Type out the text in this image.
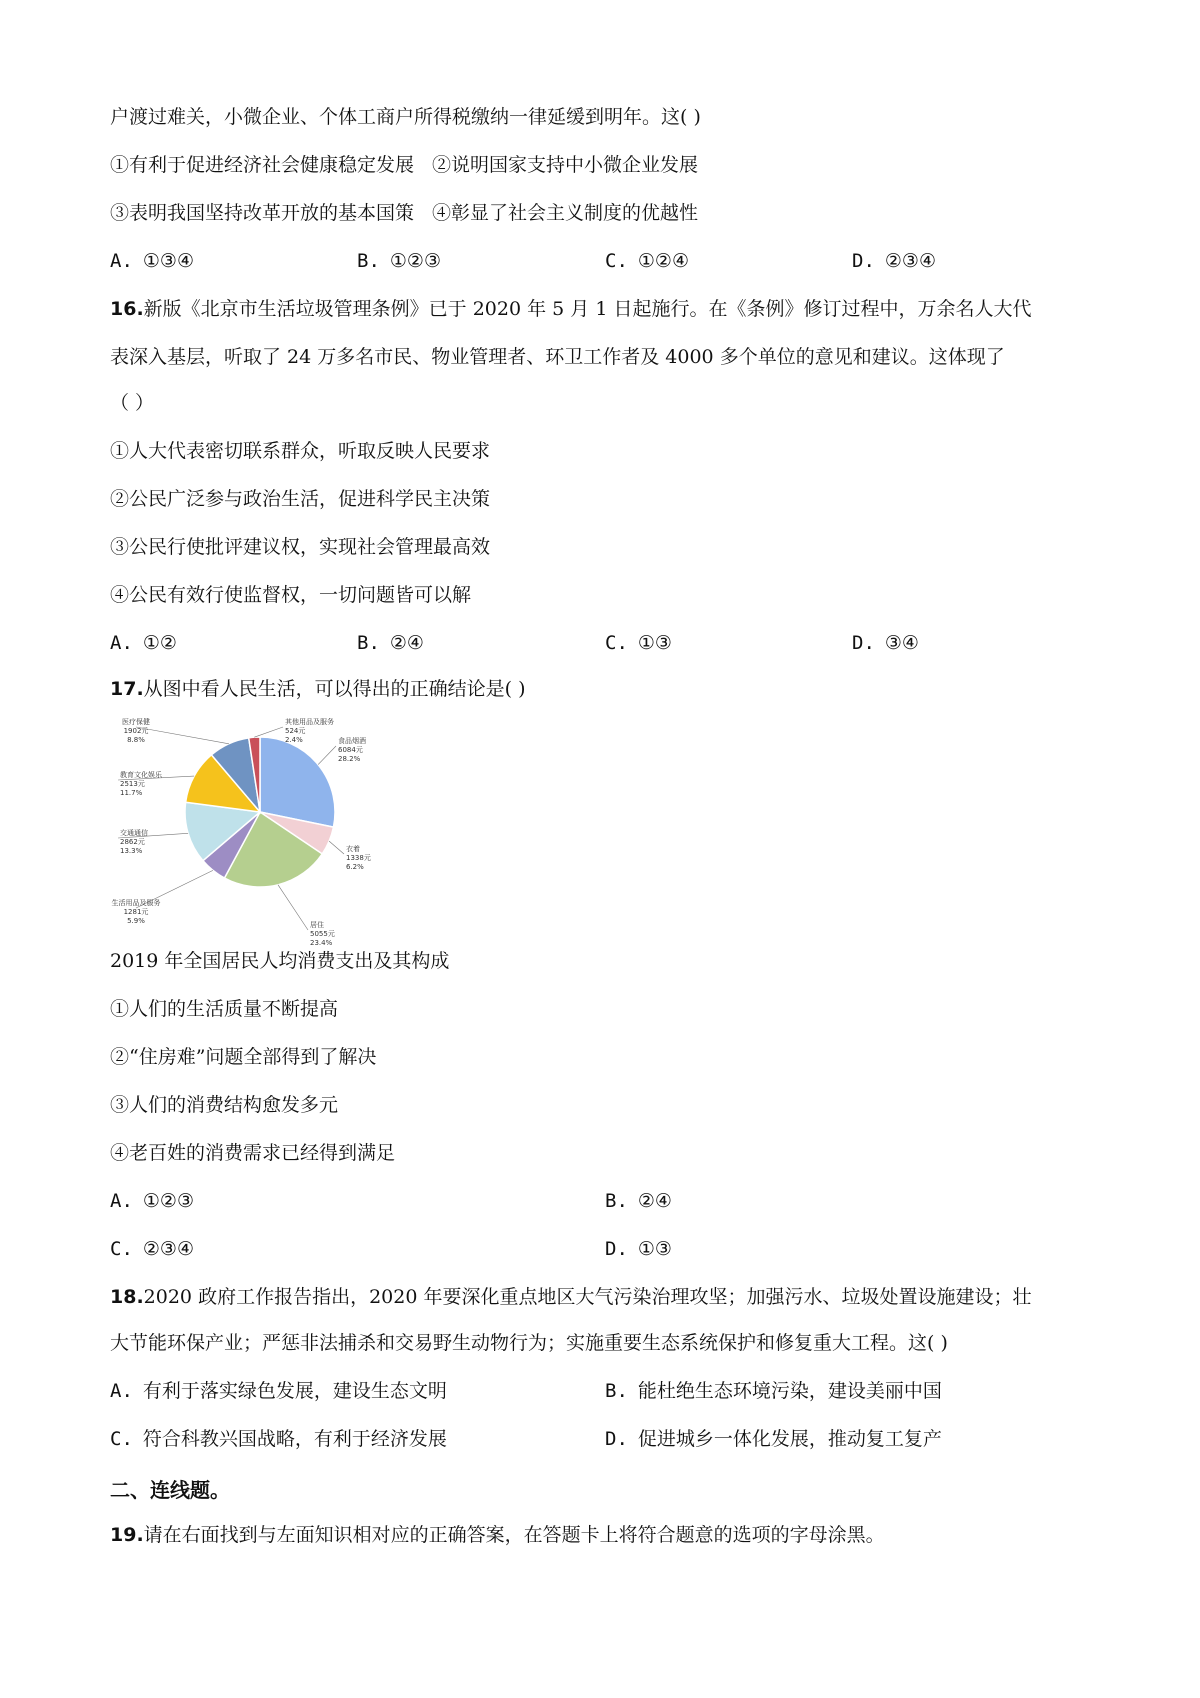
户渡过难关，小微企业、个体工商户所得税缴纳一律延缓到明年。这( )
①有利于促进经济社会健康稳定发展 ②说明国家支持中小微企业发展
③表明我国坚持改革开放的基本国策 ④彰显了社会主义制度的优越性
A. ①③④	B. ①②③	C. ①②④	D. ②③④
16.新版《北京市生活垃圾管理条例》已于 2020 年 5 月 1 日起施行。在《条例》修订过程中，万余名人大代
表深入基层，听取了 24 万多名市民、物业管理者、环卫工作者及 4000 多个单位的意见和建议。这体现了
（ ）
①人大代表密切联系群众，听取反映人民要求
②公民广泛参与政治生活，促进科学民主决策
③公民行使批评建议权，实现社会管理最高效
④公民有效行使监督权，一切问题皆可以解
A. ①②	B. ②④	C. ①③	D. ③④
17.从图中看人民生活，可以得出的正确结论是( )
食品烟酒 6084元 28.2%
衣着 1338元 6.2%
居住 5055元 23.4%
生活用品及服务 1281元 5.9%
交通通信 2862元 13.3%
教育文化娱乐 2513元 11.7%
医疗保健 1902元 8.8%
其他用品及服务 524元 2.4%
2019 年全国居民人均消费支出及其构成
①人们的生活质量不断提高
②“住房难”问题全部得到了解决
③人们的消费结构愈发多元
④老百姓的消费需求已经得到满足
A. ①②③	B. ②④
C. ②③④	D. ①③
18.2020 政府工作报告指出，2020 年要深化重点地区大气污染治理攻坚；加强污水、垃圾处置设施建设；壮
大节能环保产业；严惩非法捕杀和交易野生动物行为；实施重要生态系统保护和修复重大工程。这( )
A. 有利于落实绿色发展，建设生态文明	B. 能杜绝生态环境污染，建设美丽中国
C. 符合科教兴国战略，有利于经济发展	D. 促进城乡一体化发展，推动复工复产
二、连线题。
19.请在右面找到与左面知识相对应的正确答案，在答题卡上将符合题意的选项的字母涂黑。
